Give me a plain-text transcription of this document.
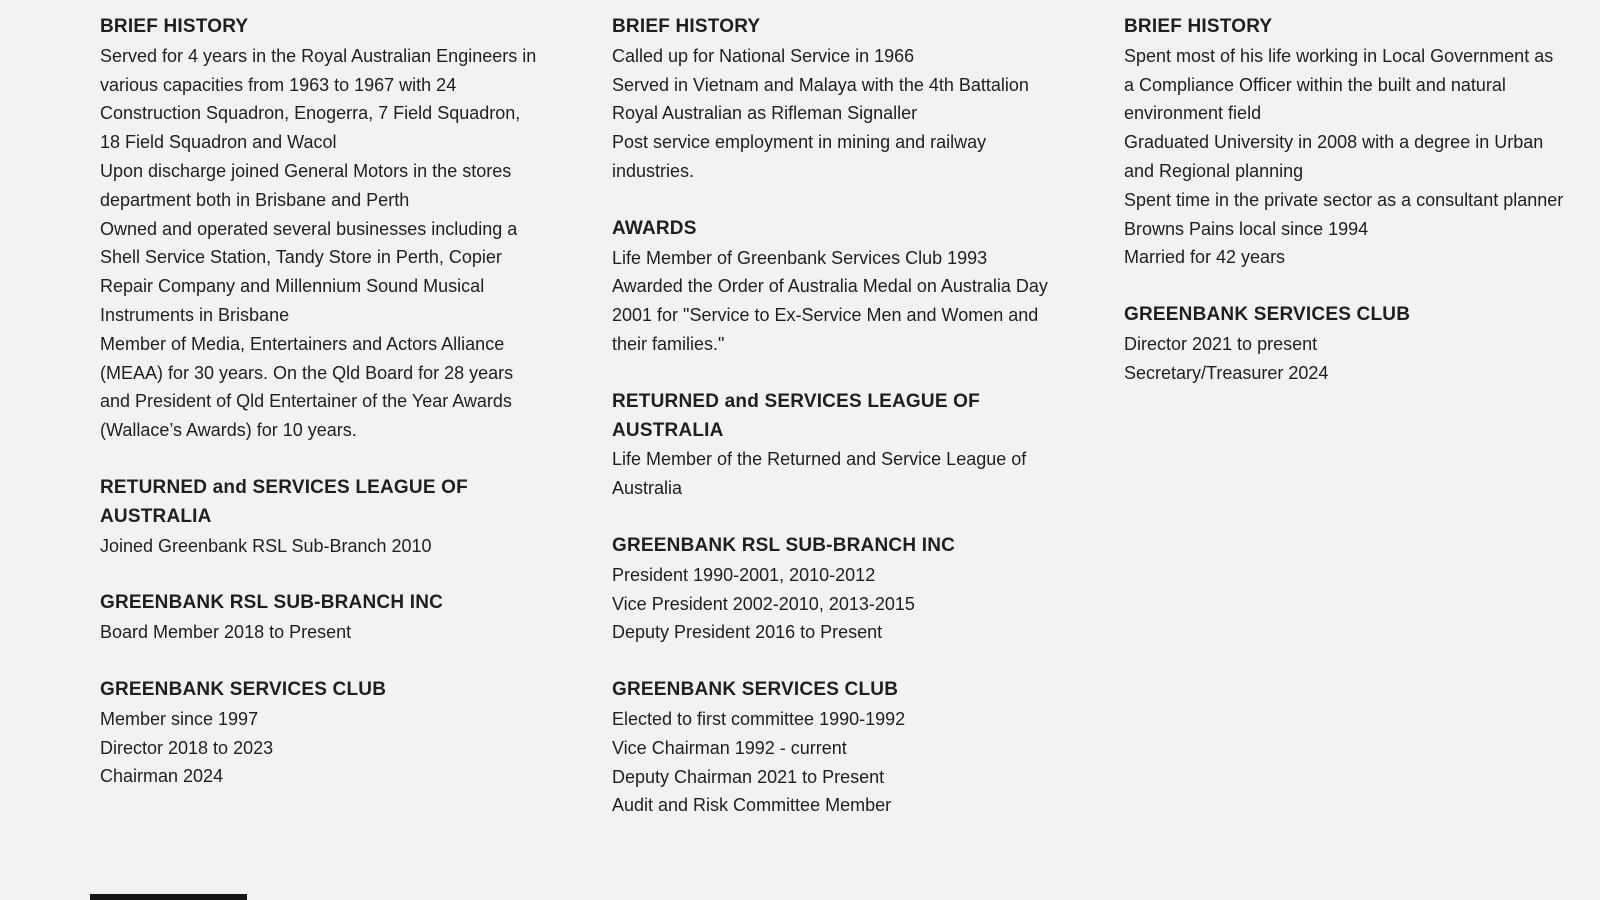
BRIEF HISTORY

Served for 4 years in the Royal Australian Engineers in various capacities from 1963 to 1967 with 24 Construction Squadron, Enogerra, 7 Field Squadron, 18 Field Squadron and Wacol

Upon discharge joined General Motors in the stores department both in Brisbane and Perth

Owned and operated several businesses including a Shell Service Station, Tandy Store in Perth, Copier Repair Company and Millennium Sound Musical Instruments in Brisbane

Member of Media, Entertainers and Actors Alliance (MEAA) for 30 years. On the Qld Board for 28 years and President of Qld Entertainer of the Year Awards (Wallace’s Awards) for 10 years.

RETURNED and SERVICES LEAGUE OF AUSTRALIA

Joined Greenbank RSL Sub-Branch 2010

GREENBANK RSL SUB-BRANCH INC

Board Member 2018 to Present

GREENBANK SERVICES CLUB

Member since 1997

Director 2018 to 2023

Chairman 2024

BRIEF HISTORY

Called up for National Service in 1966

Served in Vietnam and Malaya with the 4th Battalion Royal Australian as Rifleman Signaller

Post service employment in mining and railway industries.

AWARDS

Life Member of Greenbank Services Club 1993

Awarded the Order of Australia Medal on Australia Day 2001 for "Service to Ex-Service Men and Women and their families."

RETURNED and SERVICES LEAGUE OF AUSTRALIA

Life Member of the Returned and Service League of Australia

GREENBANK RSL SUB-BRANCH INC

President 1990-2001, 2010-2012

Vice President 2002-2010, 2013-2015

Deputy President 2016 to Present

GREENBANK SERVICES CLUB

Elected to first committee 1990-1992

Vice Chairman 1992 - current

Deputy Chairman 2021 to Present

Audit and Risk Committee Member

BRIEF HISTORY

Spent most of his life working in Local Government as a Compliance Officer within the built and natural environment field

Graduated University in 2008 with a degree in Urban and Regional planning

Spent time in the private sector as a consultant planner

Browns Pains local since 1994

Married for 42 years

GREENBANK SERVICES CLUB

Director 2021 to present

Secretary/Treasurer 2024
